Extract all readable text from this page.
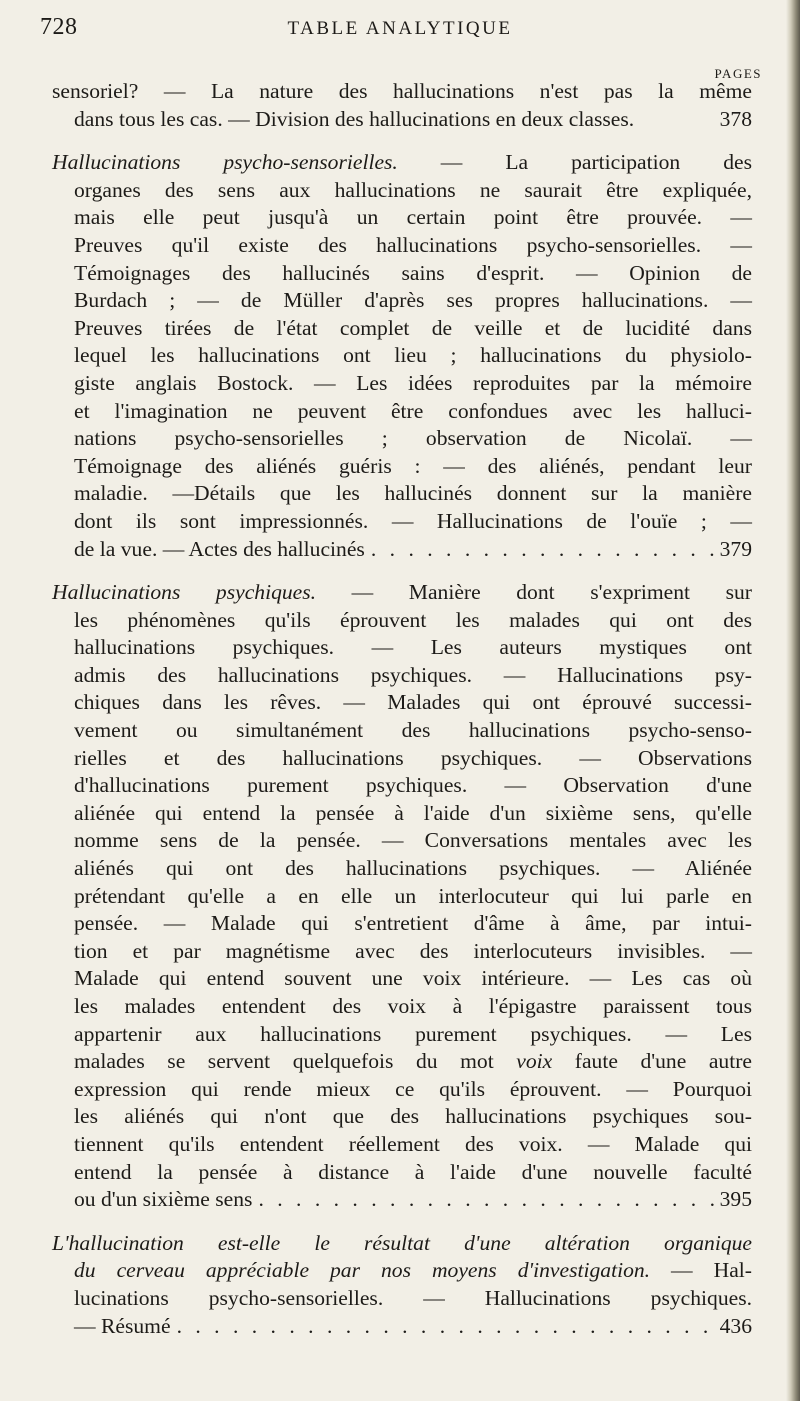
728	TABLE ANALYTIQUE
PAGES
sensoriel? — La nature des hallucinations n'est pas la même
dans tous les cas. — Division des hallucinations en deux classes.	378
Hallucinations psycho-sensorielles. — La participation des
organes des sens aux hallucinations ne saurait être expliquée,
mais elle peut jusqu'à un certain point être prouvée. —
Preuves qu'il existe des hallucinations psycho-sensorielles. —
Témoignages des hallucinés sains d'esprit. — Opinion de
Burdach ; — de Müller d'après ses propres hallucinations. —
Preuves tirées de l'état complet de veille et de lucidité dans
lequel les hallucinations ont lieu ; hallucinations du physiolo-
giste anglais Bostock. — Les idées reproduites par la mémoire
et l'imagination ne peuvent être confondues avec les halluci-
nations psycho-sensorielles ; observation de Nicolaï. —
Témoignage des aliénés guéris : — des aliénés, pendant leur
maladie. —Détails que les hallucinés donnent sur la manière
dont ils sont impressionnés. — Hallucinations de l'ouïe ; —
de la vue. — Actes des hallucinés . . .	379
Hallucinations psychiques. — Manière dont s'expriment sur
les phénomènes qu'ils éprouvent les malades qui ont des
hallucinations psychiques. — Les auteurs mystiques ont
admis des hallucinations psychiques. — Hallucinations psy-
chiques dans les rêves. — Malades qui ont éprouvé successi-
vement ou simultanément des hallucinations psycho-senso-
rielles et des hallucinations psychiques. — Observations
d'hallucinations purement psychiques. — Observation d'une
aliénée qui entend la pensée à l'aide d'un sixième sens, qu'elle
nomme sens de la pensée. — Conversations mentales avec les
aliénés qui ont des hallucinations psychiques. — Aliénée
prétendant qu'elle a en elle un interlocuteur qui lui parle en
pensée. — Malade qui s'entretient d'âme à âme, par intui-
tion et par magnétisme avec des interlocuteurs invisibles. —
Malade qui entend souvent une voix intérieure. — Les cas où
les malades entendent des voix à l'épigastre paraissent tous
appartenir aux hallucinations purement psychiques. — Les
malades se servent quelquefois du mot voix faute d'une autre
expression qui rende mieux ce qu'ils éprouvent. — Pourquoi
les aliénés qui n'ont que des hallucinations psychiques sou-
tiennent qu'ils entendent réellement des voix. — Malade qui
entend la pensée à distance à l'aide d'une nouvelle faculté
ou d'un sixième sens . . .	395
L'hallucination est-elle le résultat d'une altération organique
du cerveau appréciable par nos moyens d'investigation. — Hal-
lucinations psycho-sensorielles. — Hallucinations psychiques.
— Résumé . . .	436
